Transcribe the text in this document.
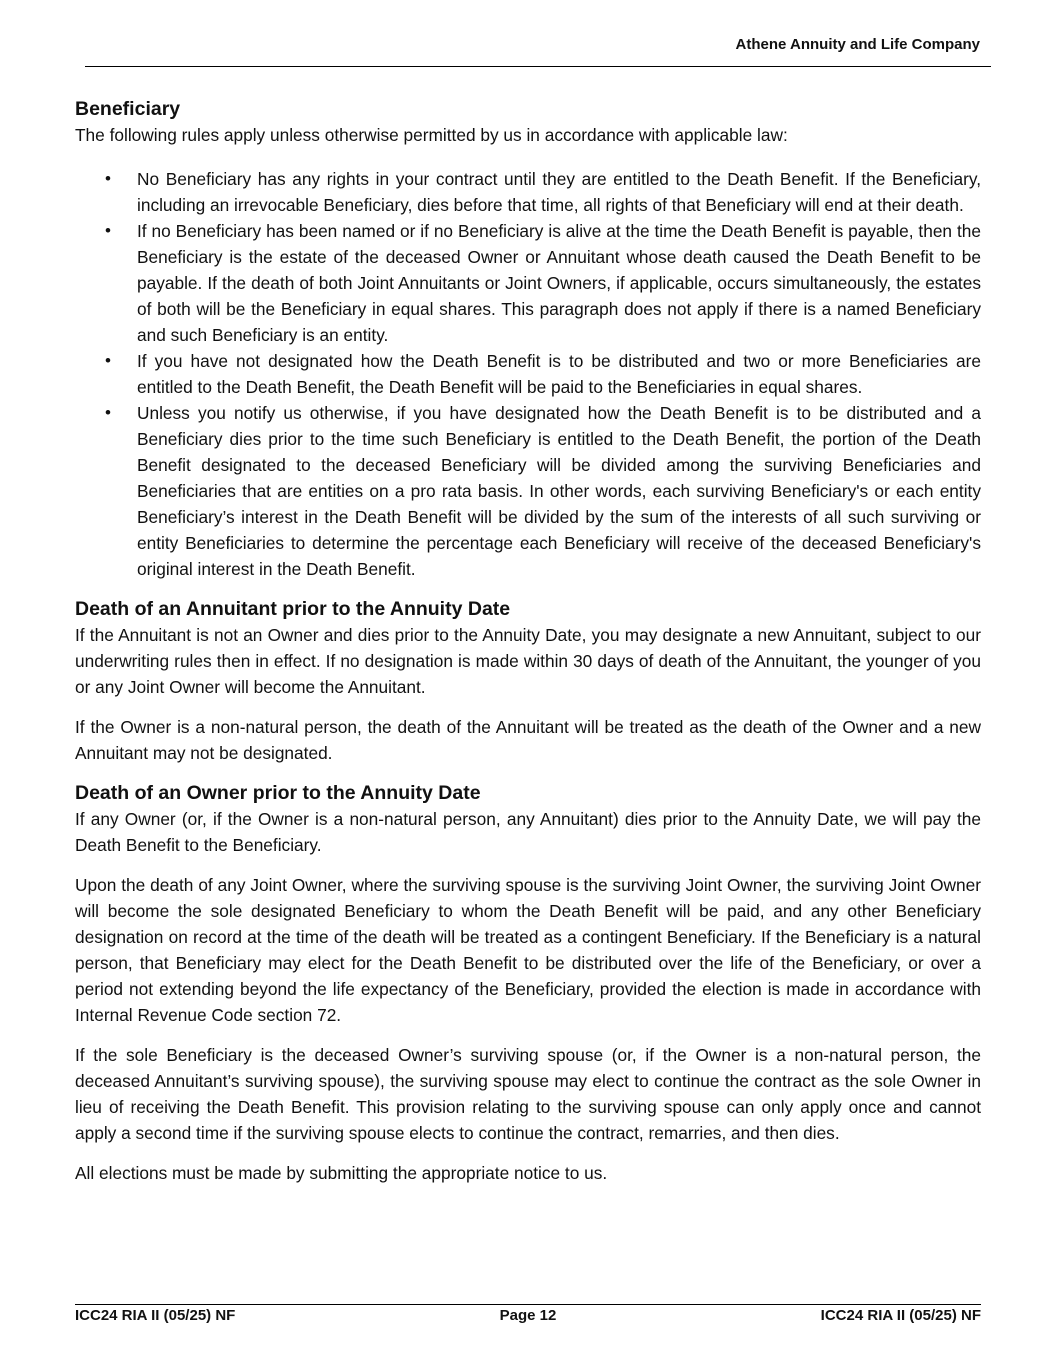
Athene Annuity and Life Company
Beneficiary

The following rules apply unless otherwise permitted by us in accordance with applicable law:

• No Beneficiary has any rights in your contract until they are entitled to the Death Benefit. If the Beneficiary, including an irrevocable Beneficiary, dies before that time, all rights of that Beneficiary will end at their death.
• If no Beneficiary has been named or if no Beneficiary is alive at the time the Death Benefit is payable, then the Beneficiary is the estate of the deceased Owner or Annuitant whose death caused the Death Benefit to be payable. If the death of both Joint Annuitants or Joint Owners, if applicable, occurs simultaneously, the estates of both will be the Beneficiary in equal shares. This paragraph does not apply if there is a named Beneficiary and such Beneficiary is an entity.
• If you have not designated how the Death Benefit is to be distributed and two or more Beneficiaries are entitled to the Death Benefit, the Death Benefit will be paid to the Beneficiaries in equal shares.
• Unless you notify us otherwise, if you have designated how the Death Benefit is to be distributed and a Beneficiary dies prior to the time such Beneficiary is entitled to the Death Benefit, the portion of the Death Benefit designated to the deceased Beneficiary will be divided among the surviving Beneficiaries and Beneficiaries that are entities on a pro rata basis. In other words, each surviving Beneficiary's or each entity Beneficiary’s interest in the Death Benefit will be divided by the sum of the interests of all such surviving or entity Beneficiaries to determine the percentage each Beneficiary will receive of the deceased Beneficiary's original interest in the Death Benefit.
Death of an Annuitant prior to the Annuity Date

If the Annuitant is not an Owner and dies prior to the Annuity Date, you may designate a new Annuitant, subject to our underwriting rules then in effect. If no designation is made within 30 days of death of the Annuitant, the younger of you or any Joint Owner will become the Annuitant.

If the Owner is a non-natural person, the death of the Annuitant will be treated as the death of the Owner and a new Annuitant may not be designated.

Death of an Owner prior to the Annuity Date

If any Owner (or, if the Owner is a non-natural person, any Annuitant) dies prior to the Annuity Date, we will pay the Death Benefit to the Beneficiary.

Upon the death of any Joint Owner, where the surviving spouse is the surviving Joint Owner, the surviving Joint Owner will become the sole designated Beneficiary to whom the Death Benefit will be paid, and any other Beneficiary designation on record at the time of the death will be treated as a contingent Beneficiary. If the Beneficiary is a natural person, that Beneficiary may elect for the Death Benefit to be distributed over the life of the Beneficiary, or over a period not extending beyond the life expectancy of the Beneficiary, provided the election is made in accordance with Internal Revenue Code section 72.

If the sole Beneficiary is the deceased Owner’s surviving spouse (or, if the Owner is a non-natural person, the deceased Annuitant’s surviving spouse), the surviving spouse may elect to continue the contract as the sole Owner in lieu of receiving the Death Benefit. This provision relating to the surviving spouse can only apply once and cannot apply a second time if the surviving spouse elects to continue the contract, remarries, and then dies.

All elections must be made by submitting the appropriate notice to us.

ICC24 RIA II (05/25) NF	Page 12	ICC24 RIA II (05/25) NF
